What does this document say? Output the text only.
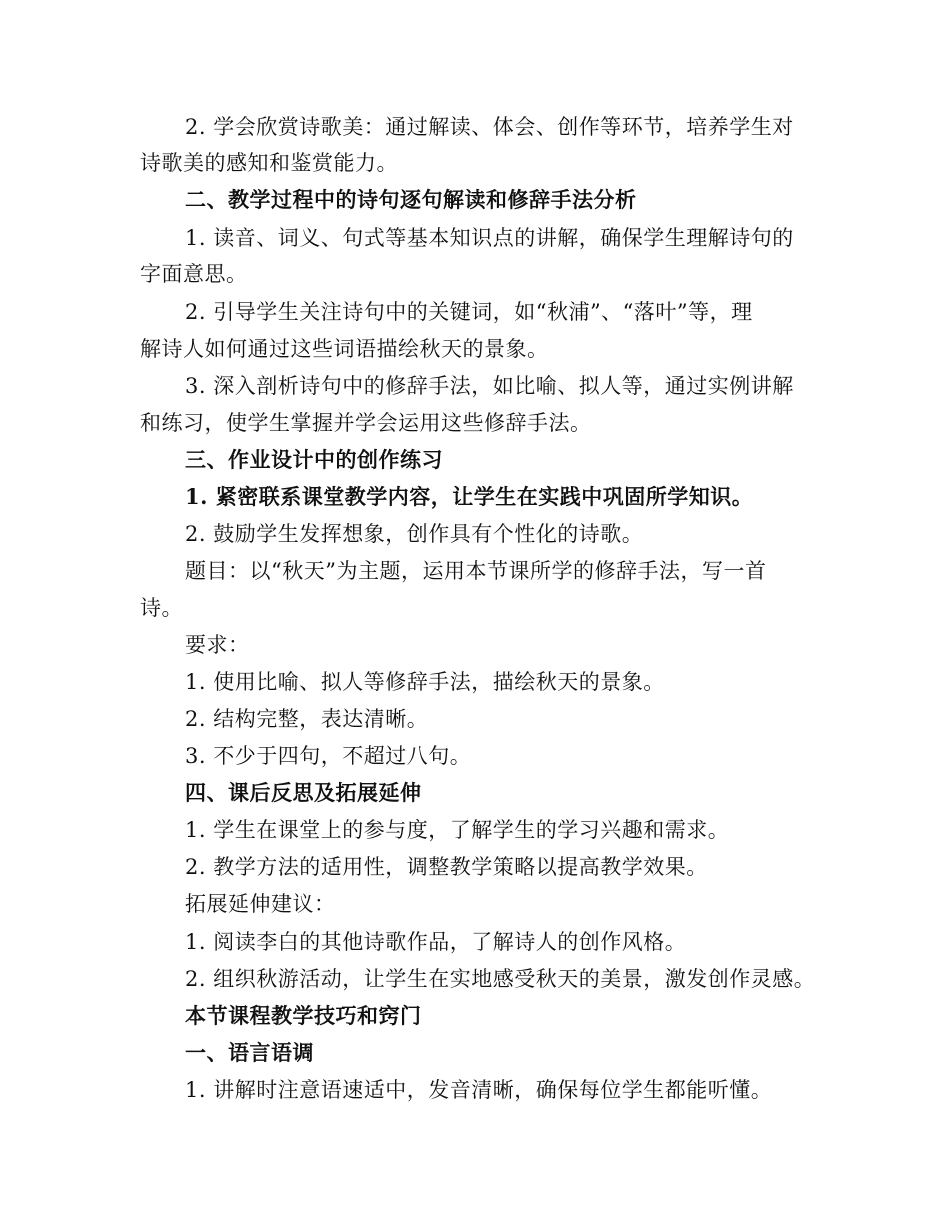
2. 学会欣赏诗歌美：通过解读、体会、创作等环节，培养学生对
诗歌美的感知和鉴赏能力。
二、教学过程中的诗句逐句解读和修辞手法分析
1. 读音、词义、句式等基本知识点的讲解，确保学生理解诗句的
字面意思。
2. 引导学生关注诗句中的关键词，如“秋浦”、“落叶”等，理
解诗人如何通过这些词语描绘秋天的景象。
3. 深入剖析诗句中的修辞手法，如比喻、拟人等，通过实例讲解
和练习，使学生掌握并学会运用这些修辞手法。
三、作业设计中的创作练习
1. 紧密联系课堂教学内容，让学生在实践中巩固所学知识。
2. 鼓励学生发挥想象，创作具有个性化的诗歌。
题目：以“秋天”为主题，运用本节课所学的修辞手法，写一首
诗。
要求：
1. 使用比喻、拟人等修辞手法，描绘秋天的景象。
2. 结构完整，表达清晰。
3. 不少于四句，不超过八句。
四、课后反思及拓展延伸
1. 学生在课堂上的参与度，了解学生的学习兴趣和需求。
2. 教学方法的适用性，调整教学策略以提高教学效果。
拓展延伸建议：
1. 阅读李白的其他诗歌作品，了解诗人的创作风格。
2. 组织秋游活动，让学生在实地感受秋天的美景，激发创作灵感。
本节课程教学技巧和窍门
一、语言语调
1. 讲解时注意语速适中，发音清晰，确保每位学生都能听懂。
